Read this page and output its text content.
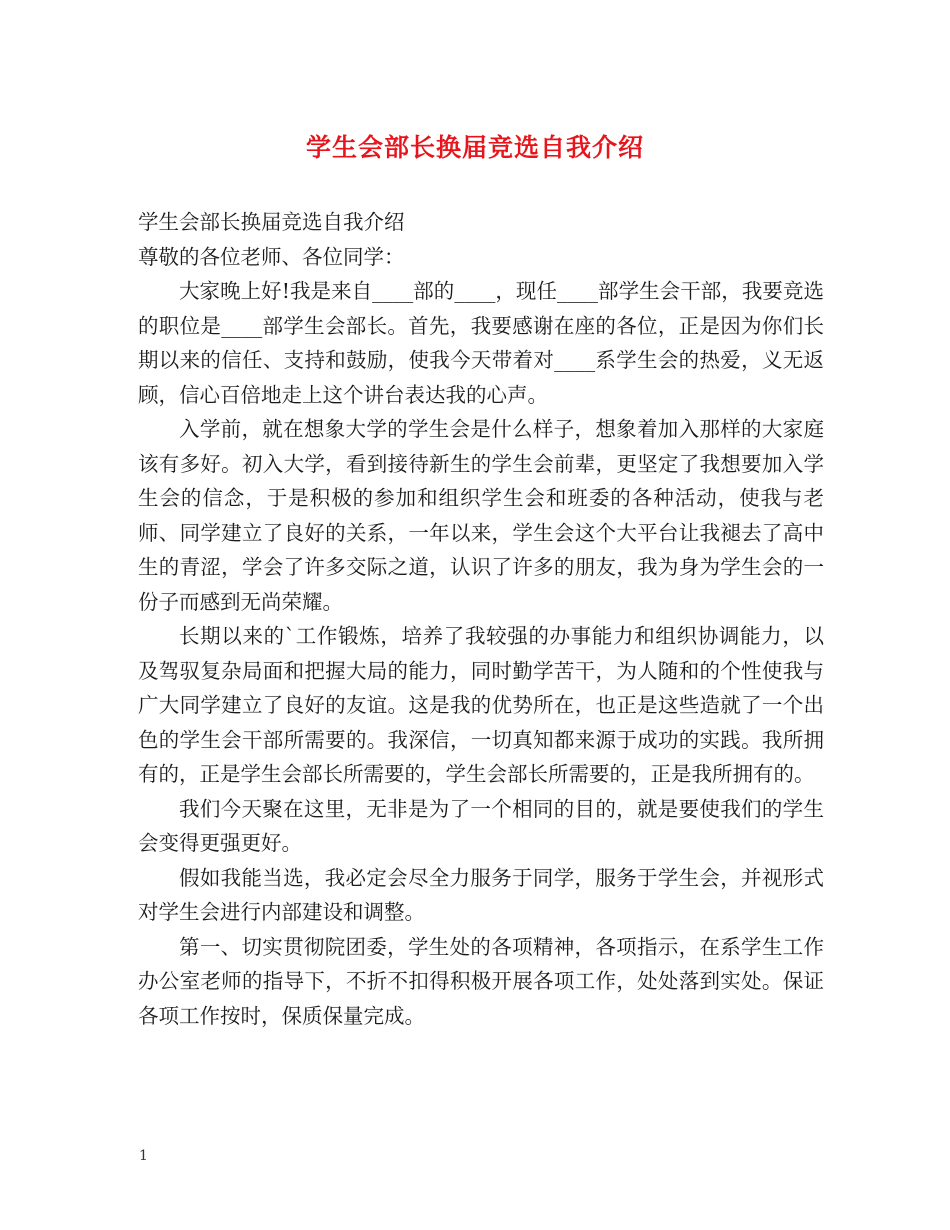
学生会部长换届竞选自我介绍

学生会部长换届竞选自我介绍

尊敬的各位老师、各位同学：

大家晚上好!我是来自____部的____，现任____部学生会干部，我要竞选的职位是____部学生会部长。首先，我要感谢在座的各位，正是因为你们长期以来的信任、支持和鼓励，使我今天带着对____系学生会的热爱，义无返顾，信心百倍地走上这个讲台表达我的心声。

入学前，就在想象大学的学生会是什么样子，想象着加入那样的大家庭该有多好。初入大学，看到接待新生的学生会前辈，更坚定了我想要加入学生会的信念，于是积极的参加和组织学生会和班委的各种活动，使我与老师、同学建立了良好的关系，一年以来，学生会这个大平台让我褪去了高中生的青涩，学会了许多交际之道，认识了许多的朋友，我为身为学生会的一份子而感到无尚荣耀。

长期以来的`工作锻炼，培养了我较强的办事能力和组织协调能力，以及驾驭复杂局面和把握大局的能力，同时勤学苦干，为人随和的个性使我与广大同学建立了良好的友谊。这是我的优势所在，也正是这些造就了一个出色的学生会干部所需要的。我深信，一切真知都来源于成功的实践。我所拥有的，正是学生会部长所需要的，学生会部长所需要的，正是我所拥有的。

我们今天聚在这里，无非是为了一个相同的目的，就是要使我们的学生会变得更强更好。

假如我能当选，我必定会尽全力服务于同学，服务于学生会，并视形式对学生会进行内部建设和调整。

第一、切实贯彻院团委，学生处的各项精神，各项指示，在系学生工作办公室老师的指导下，不折不扣得积极开展各项工作，处处落到实处。保证各项工作按时，保质保量完成。

1
